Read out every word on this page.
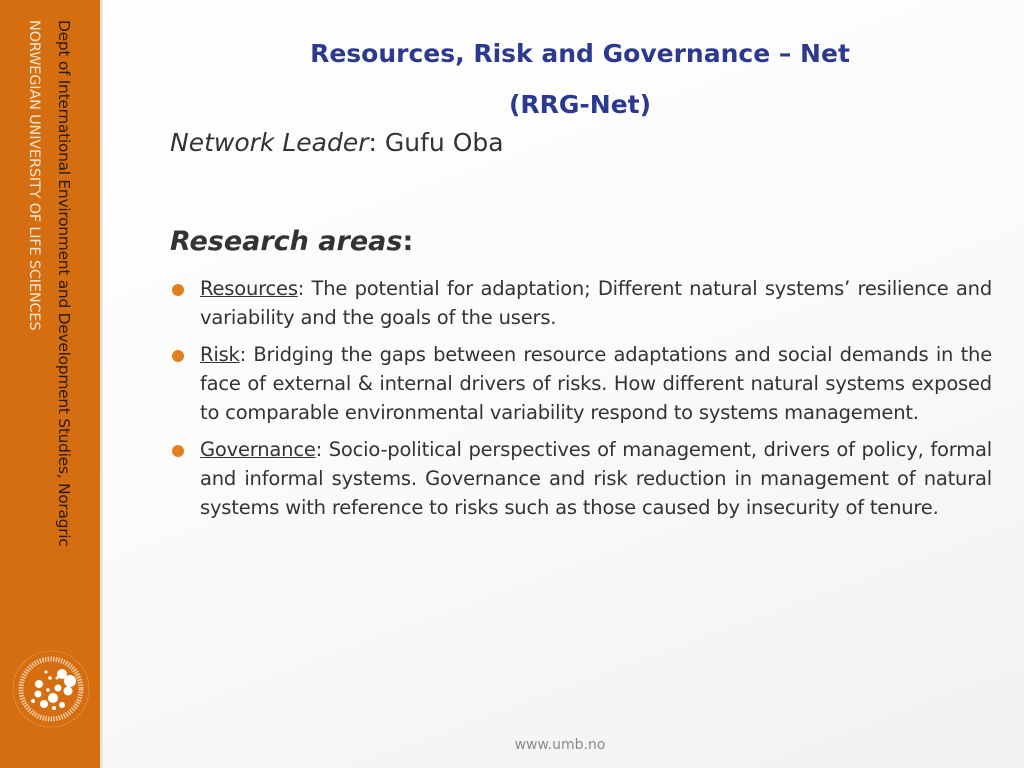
Dept of International Environment and Development Studies, Noragric
NORWEGIAN UNIVERSITY OF LIFE SCIENCES	Resources, Risk and Governance – Net
(RRG-Net)
Network Leader: Gufu Oba
Research areas:
Resources: The potential for adaptation; Different natural systems’ resilience and variability and the goals of the users.
Risk: Bridging the gaps between resource adaptations and social demands in the face of external & internal drivers of risks. How different natural systems exposed to comparable environmental variability respond to systems management.
Governance: Socio-political perspectives of management, drivers of policy, formal and informal systems. Governance and risk reduction in management of natural systems with reference to risks such as those caused by insecurity of tenure.
www.umb.no
